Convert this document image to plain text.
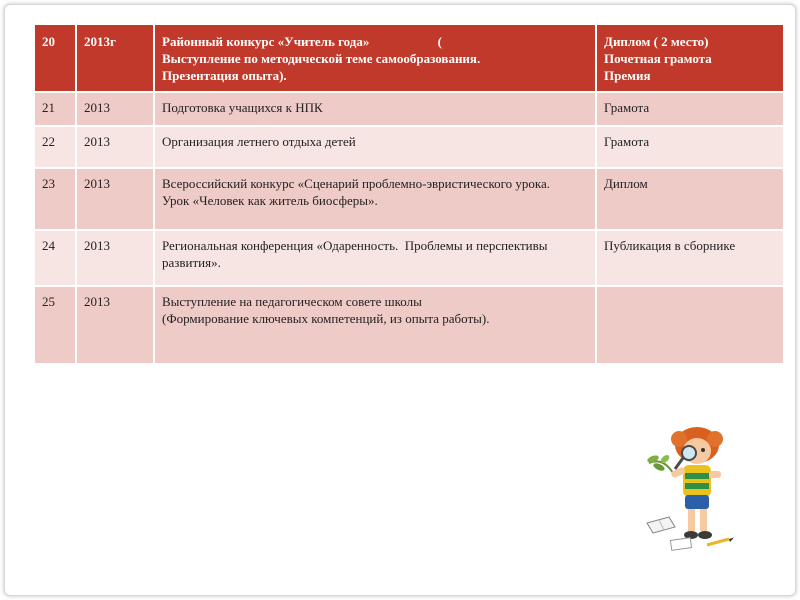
20	2013г	Районный конкурс «Учитель года»                     (
Выступление по методической теме самообразования.
Презентация опыта).	Диплом ( 2 место)
Почетная грамота
Премия
21	2013	Подготовка учащихся к НПК	Грамота
22	2013	Организация летнего отдыха детей	Грамота
23	2013	Всероссийский конкурс «Сценарий проблемно-эвристического урока.
Урок «Человек как житель биосферы».	Диплом
24	2013	Региональная конференция «Одаренность.  Проблемы и перспективы развития».	Публикация в сборнике
25	2013	Выступление на педагогическом совете школы
(Формирование ключевых компетенций, из опыта работы).	
